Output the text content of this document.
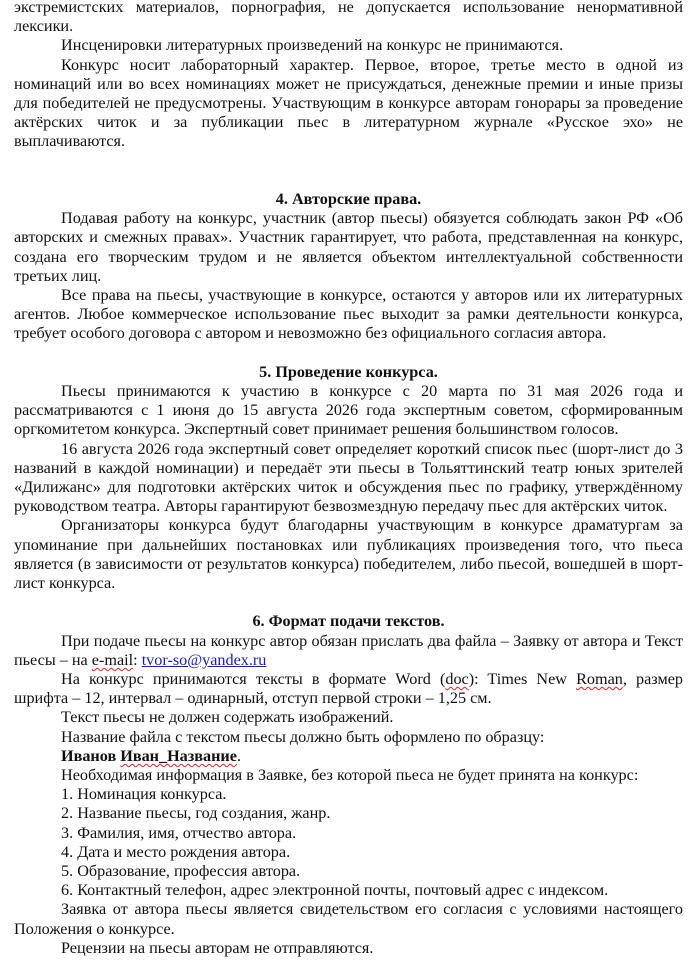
экстремистских материалов, порнография, не допускается использование ненормативной лексики.

Инсценировки литературных произведений на конкурс не принимаются.

Конкурс носит лабораторный характер. Первое, второе, третье место в одной из номинаций или во всех номинациях может не присуждаться, денежные премии и иные призы для победителей не предусмотрены. Участвующим в конкурсе авторам гонорары за проведение актёрских читок и за публикации пьес в литературном журнале «Русское эхо» не выплачиваются.

4. Авторские права.

Подавая работу на конкурс, участник (автор пьесы) обязуется соблюдать закон РФ «Об авторских и смежных правах». Участник гарантирует, что работа, представленная на конкурс, создана его творческим трудом и не является объектом интеллектуальной собственности третьих лиц.

Все права на пьесы, участвующие в конкурсе, остаются у авторов или их литературных агентов. Любое коммерческое использование пьес выходит за рамки деятельности конкурса, требует особого договора с автором и невозможно без официального согласия автора.

5. Проведение конкурса.

Пьесы принимаются к участию в конкурсе с 20 марта по 31 мая 2026 года и рассматриваются с 1 июня до 15 августа 2026 года экспертным советом, сформированным оргкомитетом конкурса. Экспертный совет принимает решения большинством голосов.

16 августа 2026 года экспертный совет определяет короткий список пьес (шорт-лист до 3 названий в каждой номинации) и передаёт эти пьесы в Тольяттинский театр юных зрителей «Дилижанс» для подготовки актёрских читок и обсуждения пьес по графику, утверждённому руководством театра. Авторы гарантируют безвозмездную передачу пьес для актёрских читок.

Организаторы конкурса будут благодарны участвующим в конкурсе драматургам за упоминание при дальнейших постановках или публикациях произведения того, что пьеса является (в зависимости от результатов конкурса) победителем, либо пьесой, вошедшей в шорт-лист конкурса.

6. Формат подачи текстов.

При подаче пьесы на конкурс автор обязан прислать два файла – Заявку от автора и Текст пьесы – на e-mail: tvor-so@yandex.ru

На конкурс принимаются тексты в формате Word (doc): Times New Roman, размер шрифта – 12, интервал – одинарный, отступ первой строки – 1,25 см.

Текст пьесы не должен содержать изображений.

Название файла с текстом пьесы должно быть оформлено по образцу:

Иванов Иван_Название.

Необходимая информация в Заявке, без которой пьеса не будет принята на конкурс:

1. Номинация конкурса.

2. Название пьесы, год создания, жанр.

3. Фамилия, имя, отчество автора.

4. Дата и место рождения автора.

5. Образование, профессия автора.

6. Контактный телефон, адрес электронной почты, почтовый адрес с индексом.

Заявка от автора пьесы является свидетельством его согласия с условиями настоящего Положения о конкурсе.

Рецензии на пьесы авторам не отправляются.
